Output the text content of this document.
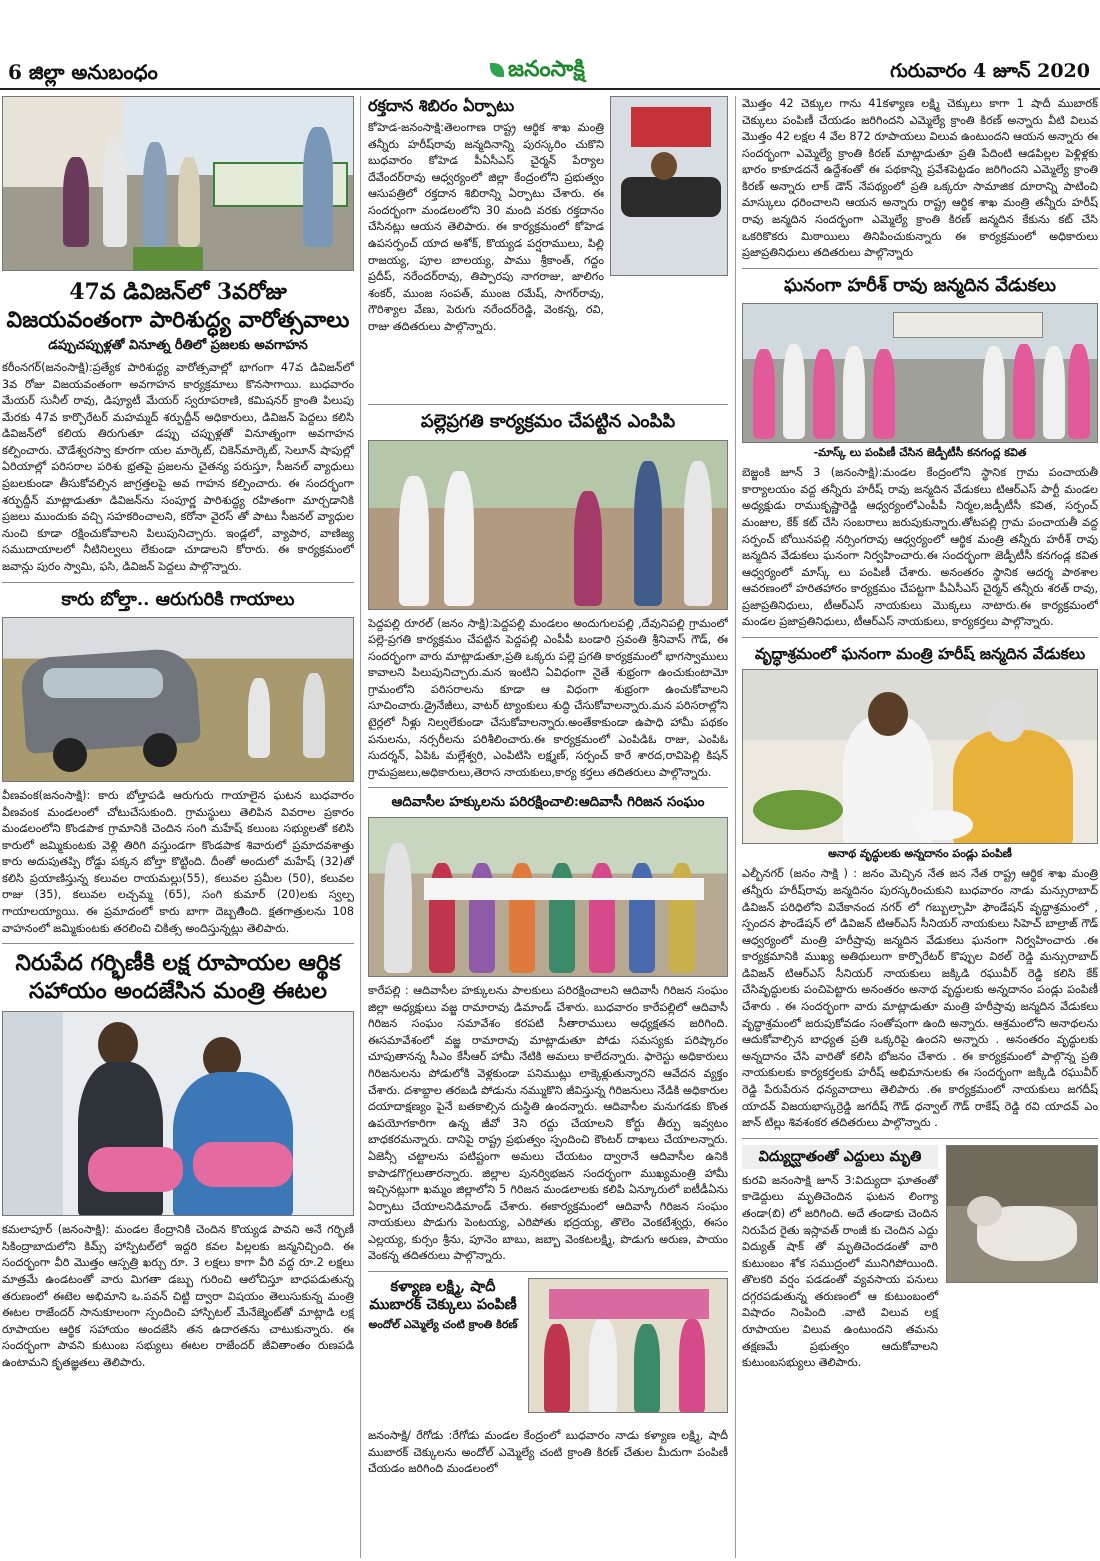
6 జిల్లా అనుబంధం	జనంసాక్షి	గురువారం 4 జూన్ 2020
47వ డివిజన్‌లో 3వరోజు విజయవంతంగా పారిశుద్ధ్య వారోత్సవాలు
డప్పుచప్పుళ్లతో వినూత్న రీతిలో ప్రజలకు అవగాహన
కరీంనగర్(జనంసాక్షి):ప్రత్యేక పారిశుద్ధ్య వారోత్సవాల్లో భాగంగా 47వ డివిజన్‌లో 3వ రోజు విజయవంతంగా అవగాహన కార్యక్రమాలు కొనసాగాయి. బుధవారం మేయర్ సునీల్ రావు, డిప్యూటీ మేయర్ స్వరూపరాణి, కమిషనర్ క్రాంతి పిలుపు మేరకు 47వ కార్పొరేటర్ మహమ్మద్ శర్ఫుద్దీన్ అధికారులు, డివిజన్ పెద్దలు కలిసి డివిజన్‌లో కలియ తిరుగుతూ డప్పు చప్పుళ్లతో వినూత్నంగా అవగాహన కల్పించారు. చౌడేశ్వరస్వా కూరగా యల మార్కెట్, చికెన్‌మార్కెట్, సెలూన్ షాపుల్లో ఏరియాల్లో పరిసరాల పరిశు భ్రతపై ప్రజలను చైతన్య పరుస్తూ, సీజనల్ వ్యాధులు ప్రబలకుండా తీసుకోవల్సిన జాగ్రత్తలపై అవ గాహన కల్పించారు. ఈ సందర్భంగా శర్ఫుద్దీన్ మాట్లాడుతూ డివిజన్‌ను సంపూర్ణ పారిశుద్ధ్య రహితంగా మార్చడానికి ప్రజలు ముందుకు వచ్చి సహకరించాలని, కరోనా వైరస్ తో పాటు సీజనల్ వ్యాధుల నుంచి కూడా రక్షించుకోవాలని పిలుపునిచ్చారు. ఇండ్లలో, వ్యాపార, వాణిజ్య సముదాయాలలో నీటినిల్వలు లేకుండా చూడాలని కోరారు. ఈ కార్యక్రమంలో జవాన్లు పురం స్వామి, ఫసి, డివిజన్ పెద్దలు పాల్గొన్నారు.
కారు బోల్తా.. ఆరుగురికి గాయాలు
వీణవంక(జనంసాక్షి): కారు బోల్తాపడి ఆరుగురు గాయాలైన ఘటన బుధవారం వీణవంక మండలంలో చోటుచేసుకుంది. గ్రామస్థులు తెలిపిన వివరాల ప్రకారం మండలంలోని కొండపాక గ్రామానికి చెందిన సంగి మహేష్ కలుంబ సభ్యులతో కలిసి కారులో జమ్మికుంటకు వెళ్లి తిరిగి వస్తుండగా కొండపాక శివారులో ప్రమాదవశాత్తు కారు అదుపుతప్పి రోడ్డు పక్కన బోల్తా కొట్టింది. దీంతో అందులో మహేష్ (32)తో కలిసి ప్రయాణిస్తున్న కలువల రాయమల్లు(55), కలువల ప్రమీల (50), కలువల రాజు (35), కలువల లచ్చమ్మ (65), సంగి కుమార్ (20)లకు స్వల్ప గాయాలయ్యాయి. ఈ ప్రమాదంలో కారు బాగా దెబ్బతిింది. క్షతగాత్రులను 108 వాహనంలో జమ్మికుంటకు తరలించి చికిత్స అందిస్తున్నట్లు తెలిపారు.
నిరుపేద గర్భిణీకి లక్ష రూపాయల ఆర్థిక సహాయం అందజేసిన మంత్రి ఈటల
కమలాపూర్ (జనంసాక్షి): మండల కేంద్రానికి చెందిన కొయ్యడ పావని అనే గర్భిణీ సికింద్రాబాదులోని కిమ్స్ హాస్పిటల్‌లో ఇద్దరి కవల పిల్లలకు జన్మనిచ్చింది. ఈ సందర్భంగా వీరి మొత్తం ఆస్పత్రి ఖర్చు రూ. 3 లక్షలు కాగా వీరి వద్ద రూ.2 లక్షలు మాత్రమే ఉండటంతో వారు మిగతా డబ్బు గురించి ఆలోచిస్తూ బాధపడుతున్న తరుణంలో ఈటెల అభిమాని ఒ.పవన్ చిట్టి ద్వారా విషయం తెలుసుకున్న మంత్రి ఈటల రాజేందర్ సానుకూలంగా స్పందించి హాస్పిటల్ మేనేజ్మెంట్‌తో మాట్లాడి లక్ష రూపాయల ఆర్థిక సహాయం అందజేసి తన ఉదారతను చాటుకున్నారు. ఈ సందర్భంగా పావని కుటుంబ సభ్యులు ఈటల రాజేందర్ జీవితాంతం రుణపడి ఉంటామని కృతజ్ఞతలు తెలిపారు.
రక్తదాన శిబిరం ఏర్పాటు
కోహెడ-జనంసాక్షి:తెలంగాణ రాష్ట్ర ఆర్థిక శాఖ మంత్రి తన్నీరు హరీష్‌రావు జన్మదినాన్ని పురస్కరిం చుకొని బుధవారం కోహెడ పీఏసీఎస్ చైర్మన్ పేర్యాల దేవేందర్‌రావు ఆధ్వర్యంలో జిల్లా కేంద్రంలోని ప్రభుత్వం ఆసుపత్రిలో రక్తదాన శిబిరాన్ని ఏర్పాటు చేశారు. ఈ సందర్భంగా మండలంలోని 30 మంది వరకు రక్తదానం చేసినట్లు ఆయన తెలిపారు. ఈ కార్యక్రమంలో కోహెడ ఉపసర్పంచ్ యాద అశోక్, కొయ్యడ పర్షరాములు, పిల్లి రాజయ్య, పూల బాలయ్య, పాము శ్రీకాంత్, గద్దం ప్రదీప్, నరేందర్‌రావు, తిప్పారపు నాగరాజు, జాలిగం శంకర్, ముంజ సంపత్, ముంజ రమేష్, సాగర్‌రావు, గౌరిశ్యాల వేణు, పెరుగు నరేందర్‌రెడ్డి, వెంకన్న, రవి, రాజు తదితరులు పాల్గొన్నారు.
పల్లెప్రగతి కార్యక్రమం చేపట్టిన ఎంపిపి
పెద్దపల్లి రూరల్ (జనం సాక్షి):పెద్దపల్లి మండలం అందుగులపల్లి ,దేవునిపల్లి గ్రామంలో పల్లె-ప్రగతి కార్యక్రమం చేపట్టిన పెద్దపల్లి ఎంపీపీ బండారి స్రవంతి శ్రీనివాస్ గౌడ్, ఈ సందర్భంగా వారు మాట్లాడుతూ,ప్రతి ఒక్కరు పల్లె ప్రగతి కార్యక్రమంలో భాగస్వాములు కావాలని పిలుపునిచ్చారు.మన ఇంటిని ఏవిధంగా నైతే శుభ్రంగా ఉంచుకుంటామో గ్రామంలోని పరిసరాలను కూడా ఆ విధంగా శుభ్రంగా ఉంచుకోవాలని సూచించారు.డ్రైనేజీలు, వాటర్ ట్యాంకులు శుద్ధి చేసుకోవాలన్నారు.మన పరిసరాల్లోని టైర్లలో నీళ్లు నిల్వలేకుండా చేసుకోవాలన్నారు.అంతేకాకుండా ఉపాధి హామీ పథకం పనులను, నర్సరీలను పరిశీలించారు.ఈ కార్యక్రమంలో ఎంపిడిఓ రాజు, ఎంపిఓ సుదర్శన్, ఏపిఓ మల్లేశ్వరి, ఎంపిటిసి లక్ష్మణ్, సర్పంచ్ కారే శారద,రావిపెల్లి కిషన్ గ్రామప్రజలు,అధికారులు,తెరాస నాయకులు,కార్య కర్తలు తదితరులు పాల్గొన్నారు.
ఆదివాసీల హక్కులను పరిరక్షించాలి:ఆదివాసీ గిరిజన సంఘం
కారేపల్లి : ఆదివాసీల హక్కులను పాలకులు పరిరక్షించాలని ఆదివాసీ గిరిజన సంఘం జిల్లా అధ్యక్షులు వజ్జ రామారావు డిమాండ్ చేశారు. బుధవారం కారేపల్లిలో ఆదివాసీ గిరిజన సంఘం సమావేశం కరపటి సీతారాములు అధ్యక్షతన జరిగింది. ఈసమావేశంలో వజ్జ రామారావు మాట్లాడుతూ పోడు సమస్యకు పరిష్కారం చూపుతానన్న సీఎం కేసీఆర్ హామీ నేటికి అమలు కాలేదన్నారు. ఫారెస్టు అధికారులు గిరిజనులను పోడులోకి వెళ్లకుండా పనిముట్లు లాక్కెళ్లుతున్నారని ఆవేదన వ్యక్తం చేశారు. దశాబ్దాల తరబడి పోడును నమ్ముకొని జీవిస్తున్న గిరిజనులు నేడికి అధికారుల దయాదాక్షణ్యం పైనే బతకాల్సిన దుస్థితి ఉందన్నారు. ఆదివాసీల మనుగడకు కొంత ఉపయోగకారిగా ఉన్న జీవో 3ని రద్దు చేయాలని కోర్టు తీర్పు ఇవ్వటం బాధకరమన్నారు. దానిపై రాష్ట్ర ప్రభుత్వం స్పందించి కౌంటర్ దాఖలు చేయాలన్నారు. ఏజెన్సీ చట్టాలను పటిష్టంగా అమలు చేయటం ద్వారానే ఆదివాసీల ఉనికి కాపాడగొగ్గలుతారన్నారు. జిల్లాల పునర్విభజన సందర్భంగా ముఖ్యమంత్రి హామీ ఇచ్చినట్లుగా ఖమ్మం జిల్లాలోని 5 గిరిజన మండలాలకు కలిపి ఏన్కూరులో ఐటీడీఏను ఏర్పాటు చేయాలనిడిమాండ్ చేశారు. ఈకార్యక్రమంలో ఆదివాసీ గిరిజన సంఘం నాయకులు పొడుగు పెంటయ్య, ఎరిపోతు భద్రయ్య, తొలెం వెంకటేశ్వర్లు, ఈసం ఎల్లయ్య, కుర్సం శ్రీను, పూనెం బాబు, జబ్బా వెంకటలక్ష్మి, పొడుగు అరుణ, పాయం వెంకన్న తదితరులు పాల్గొన్నారు.
కళ్యాణ లక్ష్మి, షాదీ ముబారక్ చెక్కులు పంపిణీ
అందోల్ ఎమ్మెల్యే చంటి క్రాంతి కిరణ్
జనంసాక్షి/ రేగోడు :రేగోడు మండల కేంద్రంలో బుధవారం నాడు కళ్యాణ లక్ష్మి, షాదీ ముబారక్ చెక్కులను అందోల్ ఎమ్మెల్యే చంటి క్రాంతి కిరణ్ చేతుల మీదుగా పంపిణీ చేయడం జరిగింది మండలంలో
మొత్తం 42 చెక్కుల గాను 41కళ్యాణ లక్ష్మి చెక్కులు కాగా 1 షాదీ ముబారక్ చెక్కులు పంపిణీ చేయడం జరిగిందని ఎమ్మెల్యే క్రాంతి కిరణ్ అన్నారు వీటి విలువ మొత్తం 42 లక్షల 4 వేల 872 రూపాయలు విలువ ఉంటుందని ఆయన అన్నారు ఈ సందర్భంగా ఎమ్మెల్యే క్రాంతి కిరణ్ మాట్లాడుతూ ప్రతి పేదింటి ఆడపిల్లల పెళ్లిళ్లకు భారం కాకూడదనే ఉద్దేశంతో ఈ పథకాన్ని ప్రవేశపెట్టడం జరిగిందని ఎమ్మెల్యే క్రాంతి కిరణ్ అన్నారు లాక్ డౌన్ నేపథ్యంలో ప్రతి ఒక్కరూ సామాజిక దూరాన్ని పాటించి మాస్కులు ధరించాలని ఆయన అన్నారు రాష్ట్ర ఆర్థిక శాఖ మంత్రి తన్నీరు హరీష్ రావు జన్మదిన సందర్భంగా ఎమ్మెల్యే క్రాంతి కిరణ్ జన్మదిన కేకును కట్ చేసి ఒకరికొకరు మిఠాయిలు తినిపించుకున్నారు ఈ కార్యక్రమంలో అధికారులు ప్రజాప్రతినిధులు తదితరులు పాల్గొన్నారు
ఘనంగా హరీశ్ రావు జన్మదిన వేడుకలు
-మాస్క్ లు పంపిణీ చేసిన జెడ్పీటీసీ కనగంద్ల కవిత
బెజ్జంకి జూన్ 3 (జనంసాక్షి):మండల కేంద్రంలోని స్థానిక గ్రామ పంచాయతీ కార్యాలయం వద్ద తన్నీరు హరీష్ రావు జన్మదిన వేడుకలు టిఆర్ఎస్ పార్టీ మండల అధ్యక్షుడు రాముకృష్ణారెడ్డి ఆధ్వర్యంలోఎంపీపీ నిర్మల,జడ్పీటీసీ కవిత, సర్పంచ్ మంజుల, కేక్ కట్ చేసి సంబరాలు జరుపుకున్నారు.తోటపల్లి గ్రామ పంచాయతీ వద్ద సర్పంచ్ బోయినపల్లి నర్సింగరావు ఆధ్వర్యంలో ఆర్థిక మంత్రి తన్నీరు హరీశ్ రావు జన్మదిన వేడుకలు ఘనంగా నిర్వహించారు.ఈ సందర్భంగా జెడ్పీటీసీ కనగండ్ల కవిత ఆధ్వర్యంలో మాస్క్ లు పంపిణీ చేశారు. అనంతరం స్థానిక ఆదర్శ పాఠశాల ఆవరణంలో హరితహారం కార్యక్రమం చేపట్టగా పీఏసీఎస్ చైర్మన్ తన్నీరు శరత్ రావు, ప్రజాప్రతినిధులు, టీఆర్ఎస్ నాయకులు మొక్కలు నాటారు.ఈ కార్యక్రమంలో మండల ప్రజాప్రతినిధులు, టీఆర్ఎస్ నాయకులు, కార్యకర్తలు పాల్గొన్నారు.
వృద్ధాశ్రమంలో ఘనంగా మంత్రి హరీష్ జన్మదిన వేడుకలు
అనాథ వృద్ధులకు అన్నదానం పండ్లు పంపిణీ
ఎల్బీనగర్ (జనం సాక్షి ) : జనం మెచ్చిన నేత జన నేత రాష్ట్ర ఆర్థిక శాఖ మంత్రి తన్నీరు హరీష్‌రావు జన్మదినం పురస్కరించుకుని బుధవారం నాడు మన్సురాబాద్ డివిజన్ పరిధిలోని వివేకానంద నగర్ లో గబ్బుల్చాహి ఫౌండేషన్ వృద్ధాశ్రమంలో , స్పందన ఫౌండేషన్ లో డివిజన్ టిఆర్ఎస్ సీనియర్ నాయకులు సిహెచ్ బాల్రాజ్ గౌడ్ ఆధ్వర్యంలో మంత్రి హరీష్రావు జన్మదిన వేడుకలు ఘనంగా నిర్వహించారు .ఈ కార్యక్రమానికి ముఖ్య అతిథులుగా కార్పొరేటర్ కొప్పుల విఠల్ రెడ్డి మన్సురాబాద్ డివిజన్ టిఆర్ఎస్ సీనియర్ నాయకులు జక్కిడి రఘువీర్ రెడ్డి కలిసి కేక్ చేసివృద్ధులకు పంచిపెట్టారు అనంతరం అనాథ వృద్ధులకు అన్నదానం పండ్లు పంపిణీ చేశారు . ఈ సందర్భంగా వారు మాట్లాడుతూ మంత్రి హరీష్రావు జన్మదిన వేడుకలు వృద్ధాశ్రమంలో జరుపుకోవడం సంతోషంగా ఉంది అన్నారు. ఆశ్రమంలోని అనాథలను ఆదుకోవాల్సిన బాధ్యత ప్రతి ఒక్కరిపై ఉందని అన్నారు . అనంతరం వృద్ధులకు అన్నదానం చేసి వారితో కలిసి భోజనం చేశారు . ఈ కార్యక్రమంలో పాల్గొన్న ప్రతి నాయకులకు కార్యకర్తలకు హరీష్ అభిమానులకు ఈ సందర్భంగా జక్కిడి రఘువీర్ రెడ్డి పేరుపేరున ధన్యవాదాలు తెలిపారు .ఈ కార్యక్రమంలో నాయకులు జగదీష్ యాదవ్ విజయభాస్కర్రెడ్డి జగదీష్ గౌడ్ ధన్వాల్ గౌడ్ రాకేష్ రెడ్డి రవి యాదవ్ ఎం జాన్ టిల్లు శివశంకర తదితరులు పాల్గొన్నారు .
విద్యుద్ఘాతంతో ఎద్దులు మృతి
కురవి జనంసాక్షి జూన్ 3:విద్యుదా ఘాతంతో కాడెద్దులు మృతిచెందిన ఘటన లింగ్యా తండా(బి) లో జరిగింది. అదే తండాకు చెందిన నిరుపేద రైతు ఇస్లావత్ రాంజీ కు చెందిన ఎద్దు విద్యుత్ షాక్ తో మృతిచెందడంతో వారి కుటుంబం శోక సముద్రంలో మునిగిపోయింది. తొలకరి వర్షం పడడంతో వ్యవసాయ పనులు దగ్గరపడుతున్న తరుణంలో ఆ కుటుంబంలో విషాదం నింపింది .వాటి విలువ లక్ష రూపాయల విలువ ఉంటుందని తమను తక్షణమే ప్రభుత్వం ఆదుకోవాలని కుటుంబసభ్యులు తెలిపారు.
